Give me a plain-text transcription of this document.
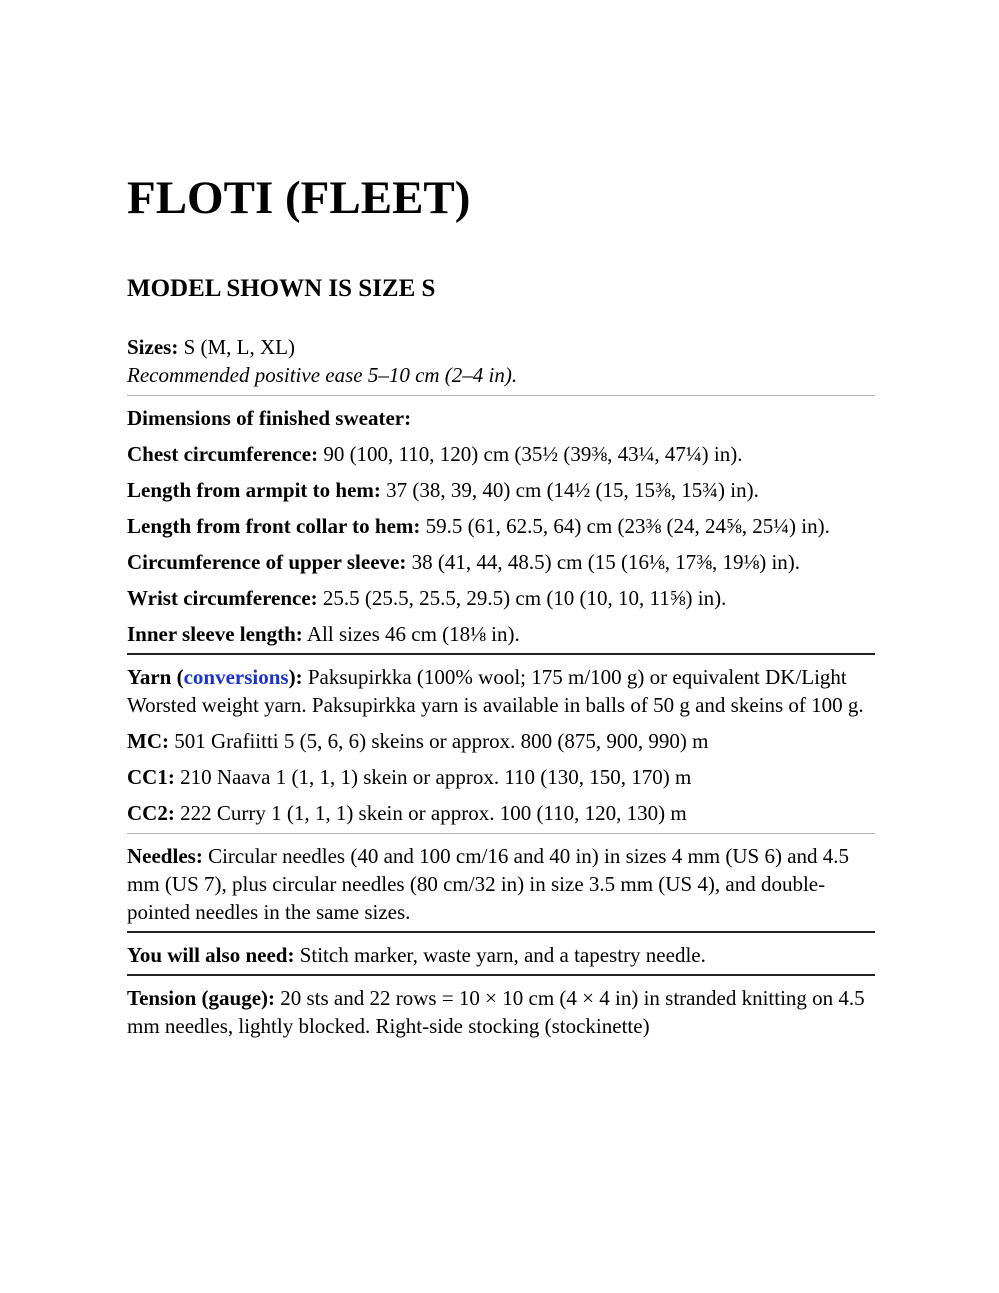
FLOTI (FLEET)
MODEL SHOWN IS SIZE S

Sizes: S (M, L, XL)

Recommended positive ease 5–10 cm (2–4 in).

Dimensions of finished sweater:

Chest circumference: 90 (100, 110, 120) cm (35½ (39⅜, 43¼, 47¼) in).

Length from armpit to hem: 37 (38, 39, 40) cm (14½ (15, 15⅜, 15¾) in).

Length from front collar to hem: 59.5 (61, 62.5, 64) cm (23⅜ (24, 24⅝, 25¼) in).

Circumference of upper sleeve: 38 (41, 44, 48.5) cm (15 (16⅛, 17⅜, 19⅛) in).

Wrist circumference: 25.5 (25.5, 25.5, 29.5) cm (10 (10, 10, 11⅝) in).

Inner sleeve length: All sizes 46 cm (18⅛ in).

Yarn (conversions): Paksupirkka (100% wool; 175 m/100 g) or equivalent DK/Light Worsted weight yarn. Paksupirkka yarn is available in balls of 50 g and skeins of 100 g.

MC: 501 Grafiitti 5 (5, 6, 6) skeins or approx. 800 (875, 900, 990) m

CC1: 210 Naava 1 (1, 1, 1) skein or approx. 110 (130, 150, 170) m

CC2: 222 Curry 1 (1, 1, 1) skein or approx. 100 (110, 120, 130) m

Needles: Circular needles (40 and 100 cm/16 and 40 in) in sizes 4 mm (US 6) and 4.5 mm (US 7), plus circular needles (80 cm/32 in) in size 3.5 mm (US 4), and double-pointed needles in the same sizes.

You will also need: Stitch marker, waste yarn, and a tapestry needle.

Tension (gauge): 20 sts and 22 rows = 10 × 10 cm (4 × 4 in) in stranded knitting on 4.5 mm needles, lightly blocked. Right-side stocking (stockinette)
